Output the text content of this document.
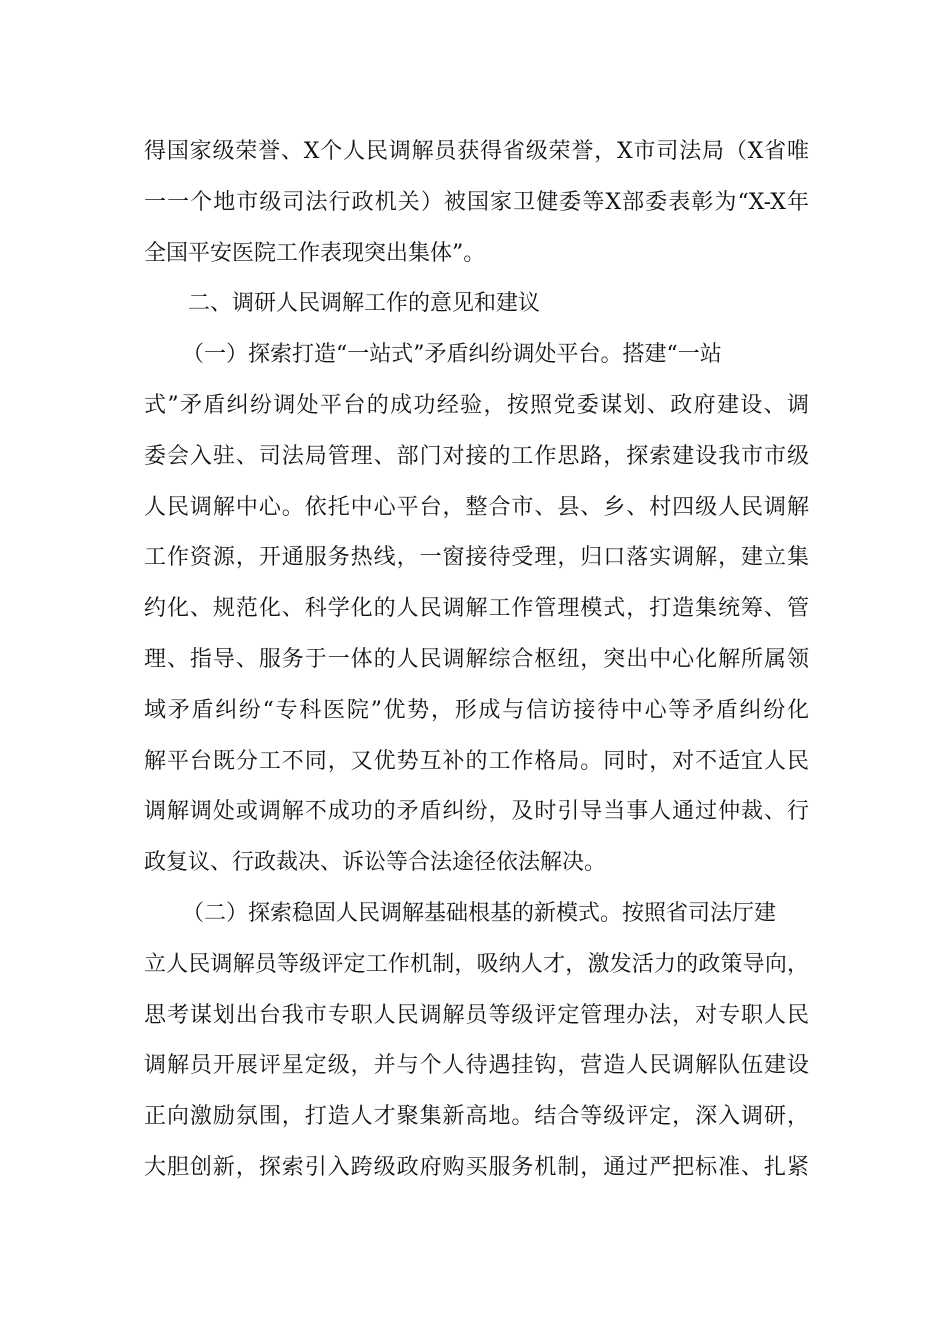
得国家级荣誉、X个人民调解员获得省级荣誉，X市司法局（X省唯
一一个地市级司法行政机关）被国家卫健委等X部委表彰为“X-X年
全国平安医院工作表现突出集体”。
二、调研人民调解工作的意见和建议
（一）探索打造“一站式”矛盾纠纷调处平台。搭建“一站
式”矛盾纠纷调处平台的成功经验，按照党委谋划、政府建设、调
委会入驻、司法局管理、部门对接的工作思路，探索建设我市市级
人民调解中心。依托中心平台，整合市、县、乡、村四级人民调解
工作资源，开通服务热线，一窗接待受理，归口落实调解，建立集
约化、规范化、科学化的人民调解工作管理模式，打造集统筹、管
理、指导、服务于一体的人民调解综合枢纽，突出中心化解所属领
域矛盾纠纷“专科医院”优势，形成与信访接待中心等矛盾纠纷化
解平台既分工不同，又优势互补的工作格局。同时，对不适宜人民
调解调处或调解不成功的矛盾纠纷，及时引导当事人通过仲裁、行
政复议、行政裁决、诉讼等合法途径依法解决。
（二）探索稳固人民调解基础根基的新模式。按照省司法厅建
立人民调解员等级评定工作机制，吸纳人才，激发活力的政策导向，
思考谋划出台我市专职人民调解员等级评定管理办法，对专职人民
调解员开展评星定级，并与个人待遇挂钩，营造人民调解队伍建设
正向激励氛围，打造人才聚集新高地。结合等级评定，深入调研，
大胆创新，探索引入跨级政府购买服务机制，通过严把标准、扎紧
